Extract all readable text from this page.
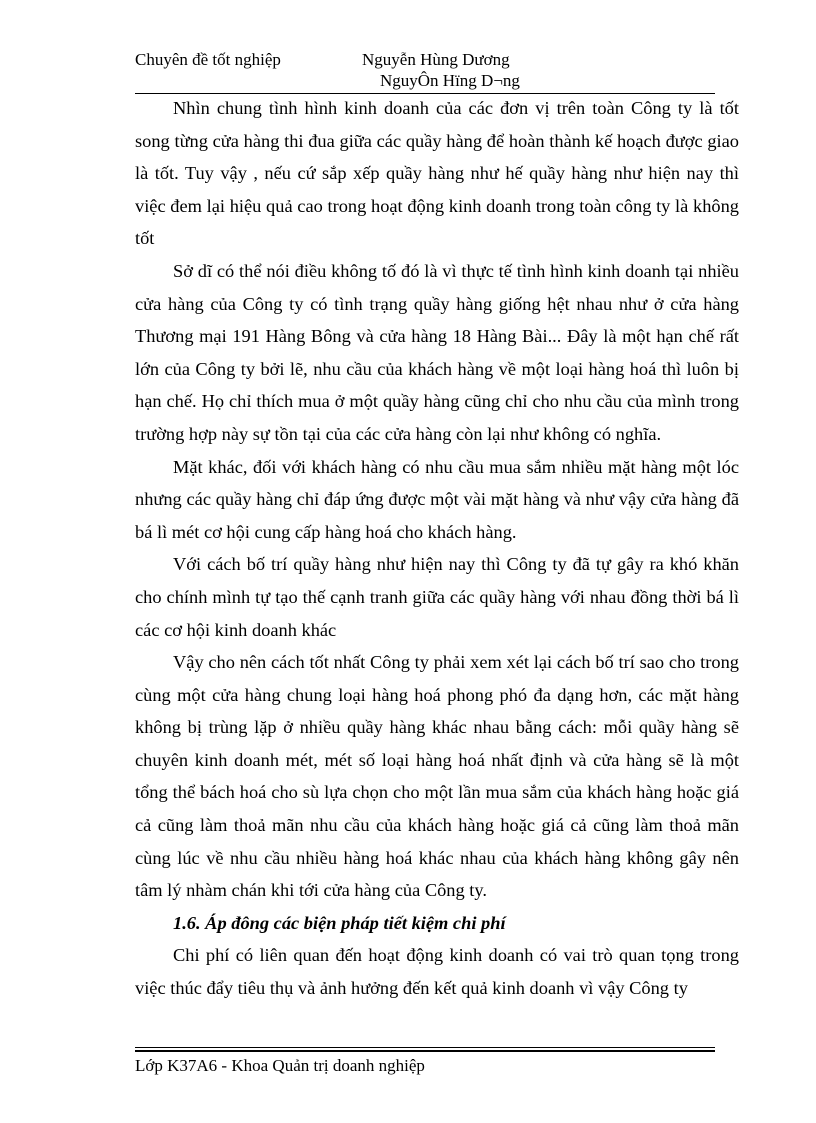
Chuyên đề tốt nghiệp	Nguyễn Hùng Dương
NguyÔn Hïng D¬ng

Nhìn chung tình hình kinh doanh của các đơn vị trên toàn Công ty là tốt song từng cửa hàng thi đua giữa các quầy hàng để hoàn thành kế hoạch được giao là tốt. Tuy vậy , nếu cứ sắp xếp quầy hàng như hế quầy hàng như hiện nay thì việc đem lại hiệu quả cao trong hoạt động kinh doanh trong toàn công ty là không tốt

Sở dĩ có thể nói điều không tố đó là vì thực tế tình hình kinh doanh tại nhiều cửa hàng của Công ty có tình trạng quầy hàng giống hệt nhau như ở cửa hàng Thương mại 191 Hàng Bông và cửa hàng 18 Hàng Bài... Đây là một hạn chế rất lớn của Công ty bởi lẽ, nhu cầu của khách hàng về một loại hàng hoá thì luôn bị hạn chế. Họ chỉ thích mua ở một quầy hàng cũng chỉ cho nhu cầu của mình trong trường hợp này sự tồn tại của các cửa hàng còn lại như không có nghĩa.

Mặt khác, đối với khách hàng có nhu cầu mua sắm nhiều mặt hàng một lóc nhưng các quầy hàng chỉ đáp ứng được một vài mặt hàng và như vậy cửa hàng đã bá lì mét cơ hội cung cấp hàng hoá cho khách hàng.

Với cách bố trí quầy hàng như hiện nay thì Công ty đã tự gây ra khó khăn cho chính mình tự tạo thế cạnh tranh giữa các quầy hàng với nhau đồng thời bá lì các cơ hội kinh doanh khác

Vậy cho nên cách tốt nhất Công ty phải xem xét lại cách bố trí sao cho trong cùng một cửa hàng chung loại hàng hoá phong phó đa dạng hơn, các mặt hàng không bị trùng lặp ở nhiều quầy hàng khác nhau bằng cách: mỗi quầy hàng sẽ chuyên kinh doanh mét, mét số loại hàng hoá nhất định và cửa hàng sẽ là một tổng thể bách hoá cho sù lựa chọn cho một lần mua sắm của khách hàng hoặc giá cả cũng làm thoả mãn nhu cầu của khách hàng hoặc giá cả cũng làm thoả mãn cùng lúc về nhu cầu nhiều hàng hoá khác nhau của khách hàng không gây nên tâm lý nhàm chán khi tới cửa hàng của Công ty.

1.6. Áp đông các biện pháp tiết kiệm chi phí

Chi phí có liên quan đến hoạt động kinh doanh có vai trò quan tọng trong việc thúc đẩy tiêu thụ và ảnh hưởng đến kết quả kinh doanh vì vậy Công ty

Lớp K37A6 - Khoa Quản trị doanh nghiệp
